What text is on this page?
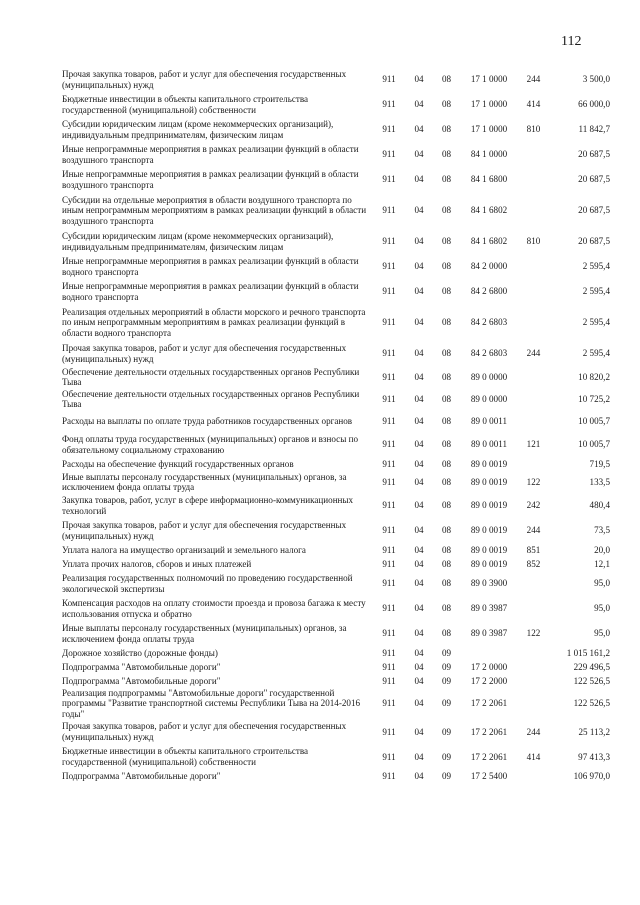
112
Прочая закупка товаров, работ и услуг для обеспечения государственных (муниципальных) нужд	911	04	08	17 1 0000	244	3 500,0
Бюджетные инвестиции в объекты капитального строительства государственной (муниципальной) собственности	911	04	08	17 1 0000	414	66 000,0
Субсидии юридическим лицам (кроме некоммерческих организаций), индивидуальным предпринимателям, физическим лицам	911	04	08	17 1 0000	810	11 842,7
Иные непрограммные мероприятия в рамках реализации функций в области воздушного транспорта	911	04	08	84 1 0000		20 687,5
Иные непрограммные мероприятия в рамках реализации функций в области воздушного транспорта	911	04	08	84 1 6800		20 687,5
Субсидии на отдельные мероприятия в области воздушного транспорта по иным непрограммным мероприятиям в рамках реализации функций в области воздушного транспорта	911	04	08	84 1 6802		20 687,5
Субсидии юридическим лицам (кроме некоммерческих организаций), индивидуальным предпринимателям, физическим лицам	911	04	08	84 1 6802	810	20 687,5
Иные непрограммные мероприятия в рамках реализации функций в области водного транспорта	911	04	08	84 2 0000		2 595,4
Иные непрограммные мероприятия в рамках реализации функций в области водного транспорта	911	04	08	84 2 6800		2 595,4
Реализация отдельных мероприятий в области морского и речного транспорта по иным непрограммным мероприятиям в рамках реализации функций в области водного транспорта	911	04	08	84 2 6803		2 595,4
Прочая закупка товаров, работ и услуг для обеспечения государственных (муниципальных) нужд	911	04	08	84 2 6803	244	2 595,4
Обеспечение деятельности отдельных государственных органов Республики Тыва	911	04	08	89 0 0000		10 820,2
Обеспечение деятельности отдельных государственных органов Республики Тыва	911	04	08	89 0 0000		10 725,2
Расходы на выплаты по оплате труда работников государственных органов	911	04	08	89 0 0011		10 005,7
Фонд оплаты труда государственных (муниципальных) органов и взносы по обязательному социальному страхованию	911	04	08	89 0 0011	121	10 005,7
Расходы на обеспечение функций государственных органов	911	04	08	89 0 0019		719,5
Иные выплаты персоналу государственных (муниципальных) органов, за исключением фонда оплаты труда	911	04	08	89 0 0019	122	133,5
Закупка товаров, работ, услуг в сфере информационно-коммуникационных технологий	911	04	08	89 0 0019	242	480,4
Прочая закупка товаров, работ и услуг для обеспечения государственных (муниципальных) нужд	911	04	08	89 0 0019	244	73,5
Уплата налога на имущество организаций и земельного налога	911	04	08	89 0 0019	851	20,0
Уплата прочих налогов, сборов и иных платежей	911	04	08	89 0 0019	852	12,1
Реализация государственных полномочий по проведению государственной экологической экспертизы	911	04	08	89 0 3900		95,0
Компенсация расходов на оплату стоимости проезда и провоза багажа к месту использования отпуска и обратно	911	04	08	89 0 3987		95,0
Иные выплаты персоналу государственных (муниципальных) органов, за исключением фонда оплаты труда	911	04	08	89 0 3987	122	95,0
Дорожное хозяйство (дорожные фонды)	911	04	09			1 015 161,2
Подпрограмма "Автомобильные дороги"	911	04	09	17 2 0000		229 496,5
Подпрограмма "Автомобильные дороги"	911	04	09	17 2 2000		122 526,5
Реализация подпрограммы "Автомобильные дороги" государственной программы "Развитие транспортной системы Республики Тыва на 2014-2016 годы"	911	04	09	17 2 2061		122 526,5
Прочая закупка товаров, работ и услуг для обеспечения государственных (муниципальных) нужд	911	04	09	17 2 2061	244	25 113,2
Бюджетные инвестиции в объекты капитального строительства государственной (муниципальной) собственности	911	04	09	17 2 2061	414	97 413,3
Подпрограмма "Автомобильные дороги"	911	04	09	17 2 5400		106 970,0
